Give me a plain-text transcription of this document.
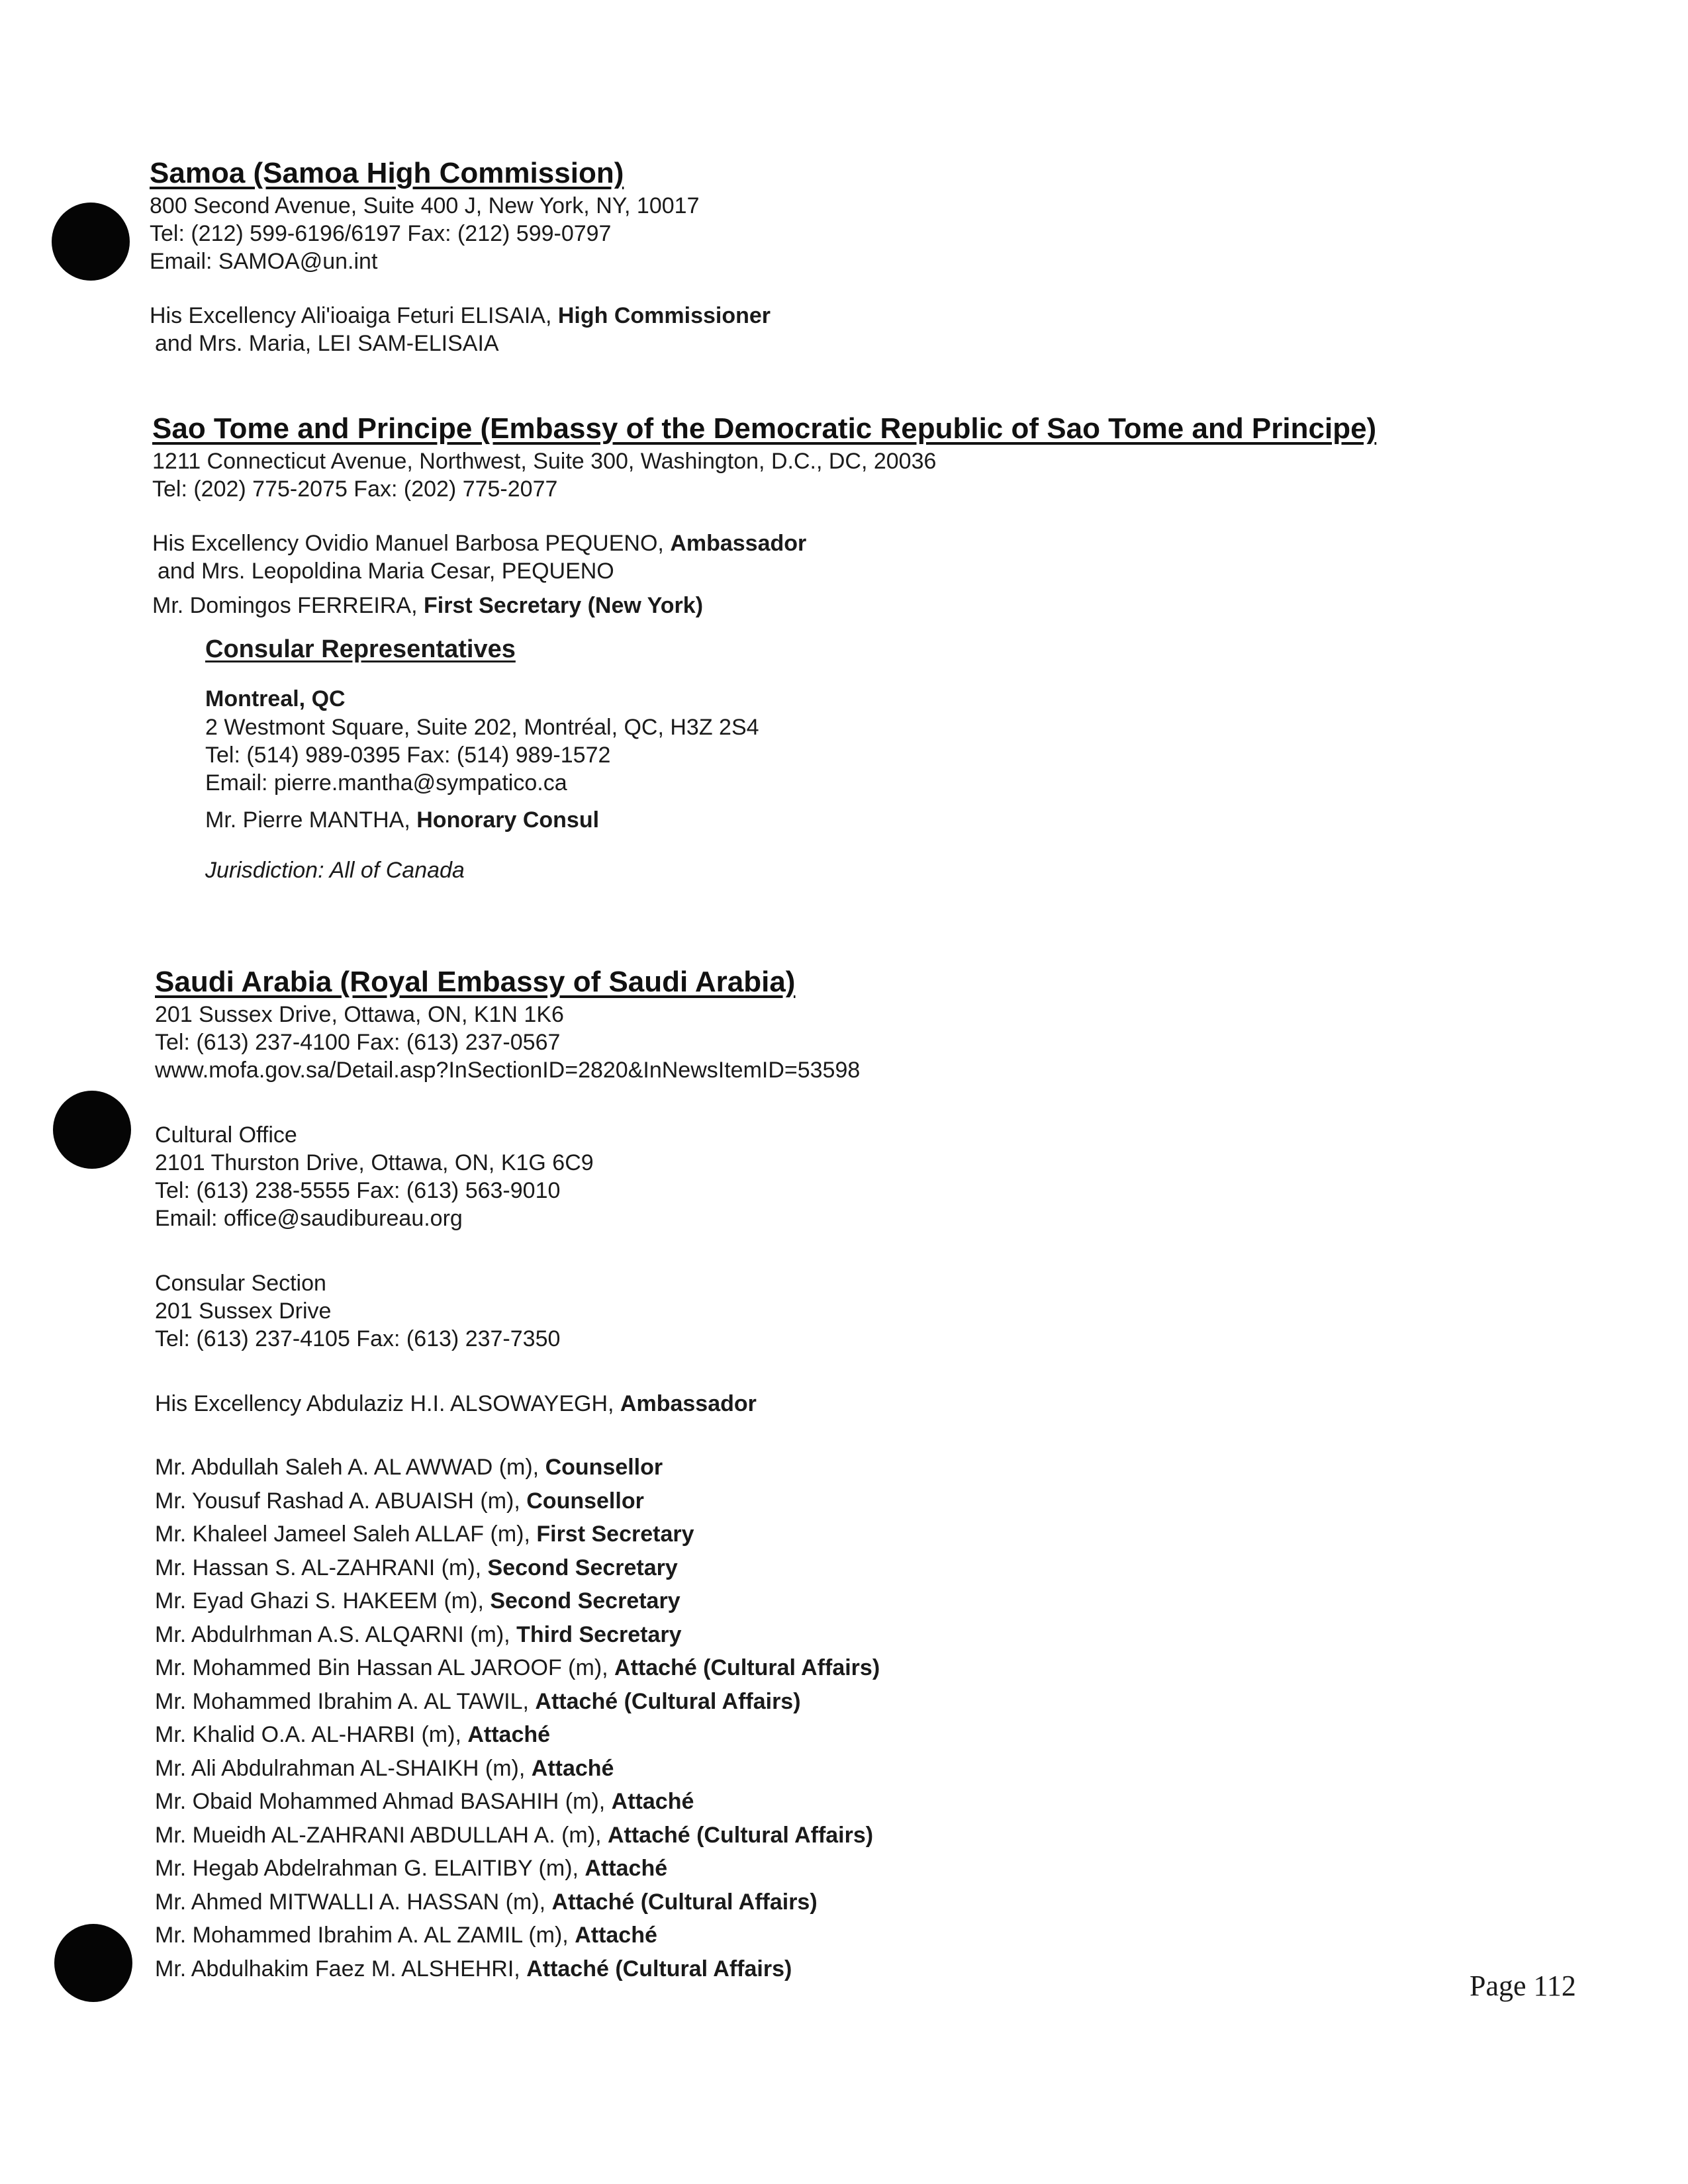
Samoa (Samoa High Commission)

800 Second Avenue, Suite 400 J, New York, NY, 10017

Tel: (212) 599-6196/6197 Fax: (212) 599-0797

Email: SAMOA@un.int

His Excellency Ali'ioaiga Feturi ELISAIA, High Commissioner

and Mrs. Maria, LEI SAM-ELISAIA

Sao Tome and Principe (Embassy of the Democratic Republic of Sao Tome and Principe)

1211 Connecticut Avenue, Northwest, Suite 300, Washington, D.C., DC, 20036

Tel: (202) 775-2075 Fax: (202) 775-2077

His Excellency Ovidio Manuel Barbosa PEQUENO, Ambassador

and Mrs. Leopoldina Maria Cesar, PEQUENO

Mr. Domingos FERREIRA, First Secretary (New York)

Consular Representatives

Montreal, QC

2 Westmont Square, Suite 202, Montréal, QC, H3Z 2S4

Tel: (514) 989-0395 Fax: (514) 989-1572

Email: pierre.mantha@sympatico.ca

Mr. Pierre MANTHA, Honorary Consul

Jurisdiction: All of Canada

Saudi Arabia (Royal Embassy of Saudi Arabia)

201 Sussex Drive, Ottawa, ON, K1N 1K6

Tel: (613) 237-4100 Fax: (613) 237-0567

www.mofa.gov.sa/Detail.asp?InSectionID=2820&InNewsItemID=53598

Cultural Office

2101 Thurston Drive, Ottawa, ON, K1G 6C9

Tel: (613) 238-5555 Fax: (613) 563-9010

Email: office@saudibureau.org

Consular Section

201 Sussex Drive

Tel: (613) 237-4105 Fax: (613) 237-7350

His Excellency Abdulaziz H.I. ALSOWAYEGH, Ambassador

Mr. Abdullah Saleh A. AL AWWAD (m), Counsellor

Mr. Yousuf Rashad A. ABUAISH (m), Counsellor

Mr. Khaleel Jameel Saleh ALLAF (m), First Secretary

Mr. Hassan S. AL-ZAHRANI (m), Second Secretary

Mr. Eyad Ghazi S. HAKEEM (m), Second Secretary

Mr. Abdulrhman A.S. ALQARNI (m), Third Secretary

Mr. Mohammed Bin Hassan AL JAROOF (m), Attaché (Cultural Affairs)

Mr. Mohammed Ibrahim A. AL TAWIL, Attaché (Cultural Affairs)

Mr. Khalid O.A. AL-HARBI (m), Attaché

Mr. Ali Abdulrahman AL-SHAIKH (m), Attaché

Mr. Obaid Mohammed Ahmad BASAHIH (m), Attaché

Mr. Mueidh AL-ZAHRANI ABDULLAH A. (m), Attaché (Cultural Affairs)

Mr. Hegab Abdelrahman G. ELAITIBY (m), Attaché

Mr. Ahmed MITWALLI A. HASSAN (m), Attaché (Cultural Affairs)

Mr. Mohammed Ibrahim A. AL ZAMIL (m), Attaché

Mr. Abdulhakim Faez M. ALSHEHRI, Attaché (Cultural Affairs)

Page 112
